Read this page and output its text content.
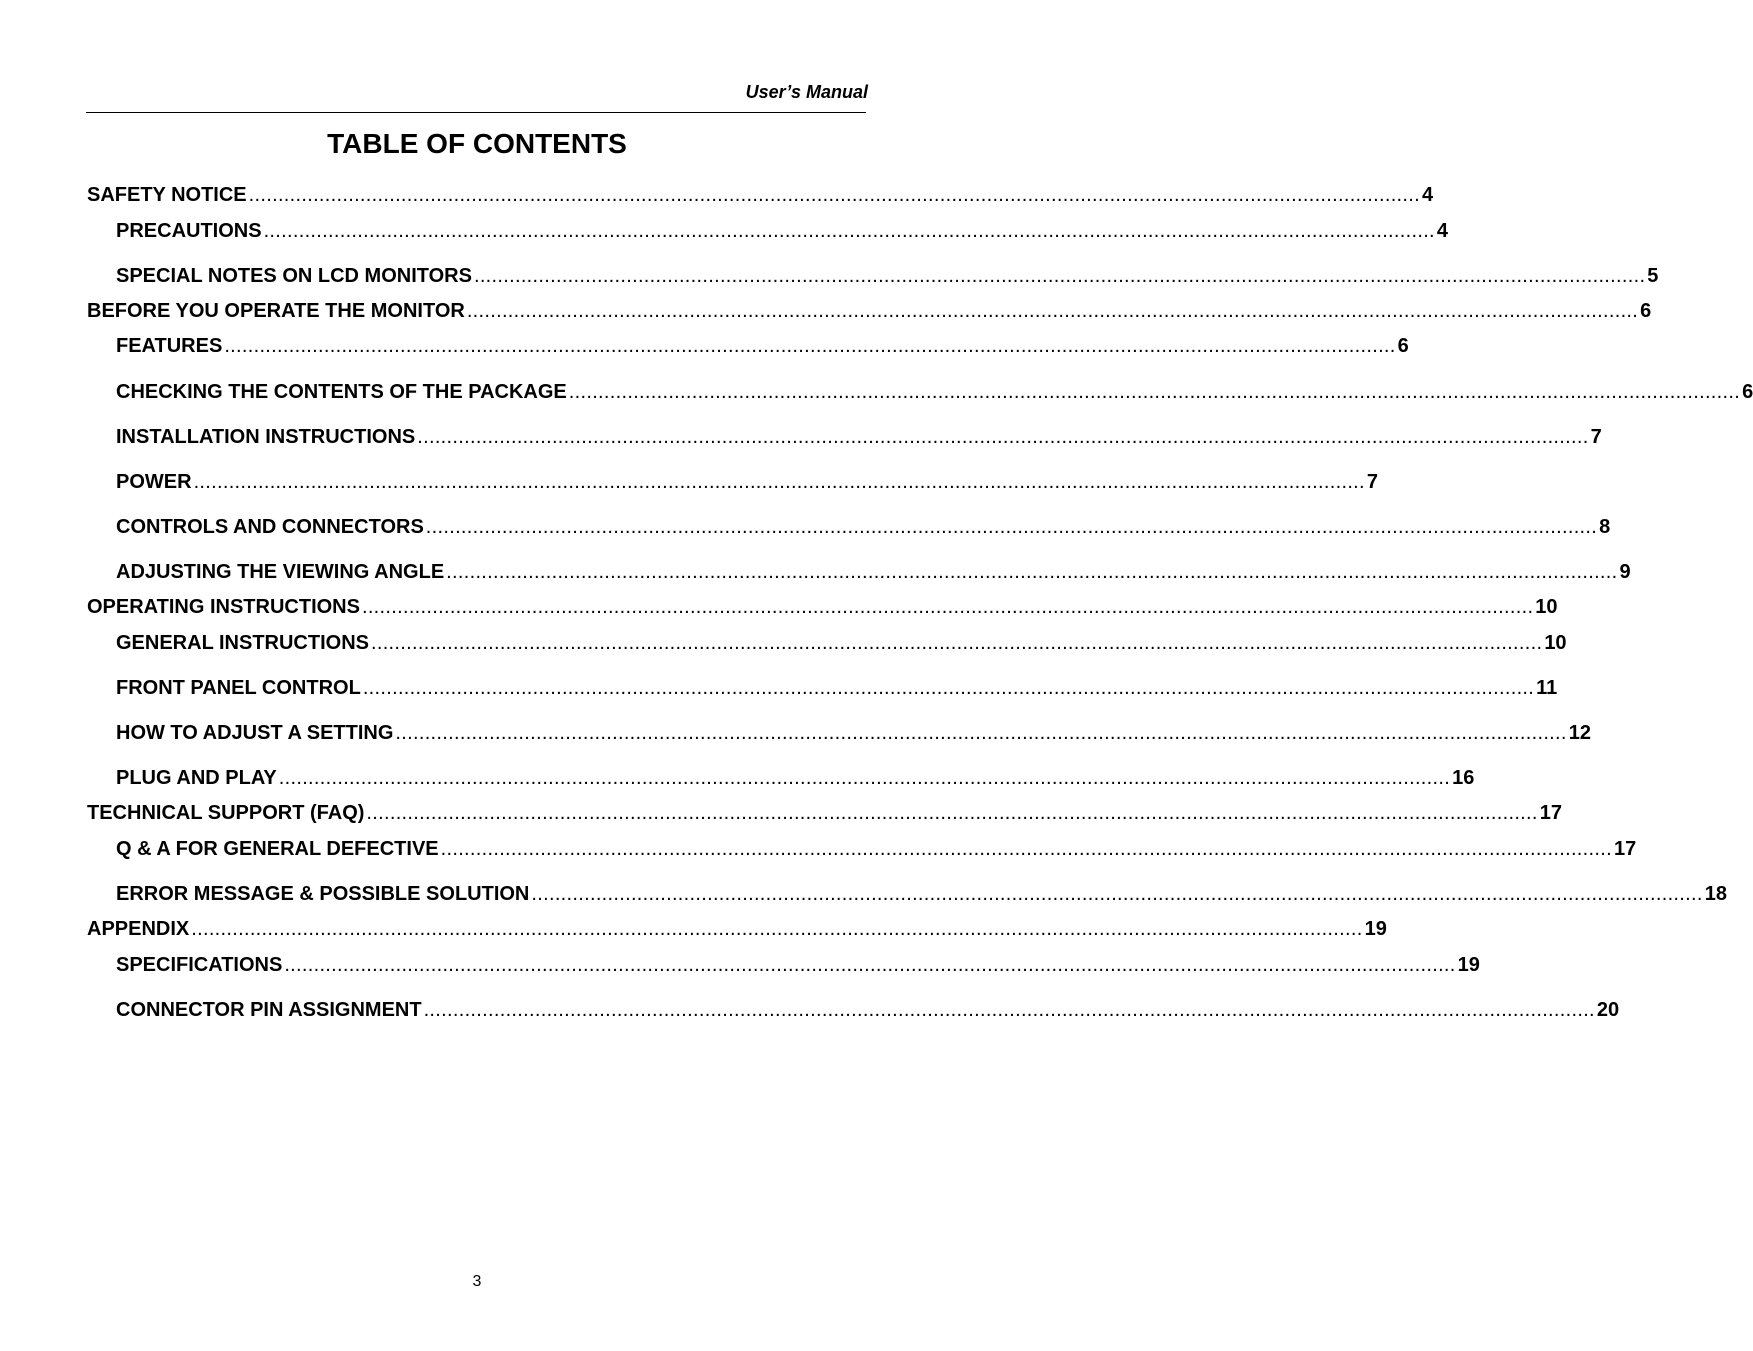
User’s Manual
TABLE OF CONTENTS
SAFETY NOTICE ........................................................................................................................................................................................................ 4
PRECAUTIONS ........................................................................................................................................................................................................ 4
SPECIAL NOTES ON LCD MONITORS ........................................................................................................................................................................................................ 5
BEFORE YOU OPERATE THE MONITOR ........................................................................................................................................................................................................ 6
FEATURES ........................................................................................................................................................................................................ 6
CHECKING THE CONTENTS OF THE PACKAGE ........................................................................................................................................................................................................ 6
INSTALLATION INSTRUCTIONS ........................................................................................................................................................................................................ 7
POWER ........................................................................................................................................................................................................ 7
CONTROLS AND CONNECTORS ........................................................................................................................................................................................................ 8
ADJUSTING THE VIEWING ANGLE ........................................................................................................................................................................................................ 9
OPERATING INSTRUCTIONS ........................................................................................................................................................................................................ 10
GENERAL INSTRUCTIONS ........................................................................................................................................................................................................ 10
FRONT PANEL CONTROL ........................................................................................................................................................................................................ 11
HOW TO ADJUST A SETTING ........................................................................................................................................................................................................ 12
PLUG AND PLAY ........................................................................................................................................................................................................ 16
TECHNICAL SUPPORT (FAQ) ........................................................................................................................................................................................................ 17
Q & A FOR GENERAL DEFECTIVE ........................................................................................................................................................................................................ 17
ERROR MESSAGE & POSSIBLE SOLUTION ........................................................................................................................................................................................................ 18
APPENDIX ........................................................................................................................................................................................................ 19
SPECIFICATIONS ........................................................................................................................................................................................................ 19
CONNECTOR PIN ASSIGNMENT ........................................................................................................................................................................................................ 20
3
